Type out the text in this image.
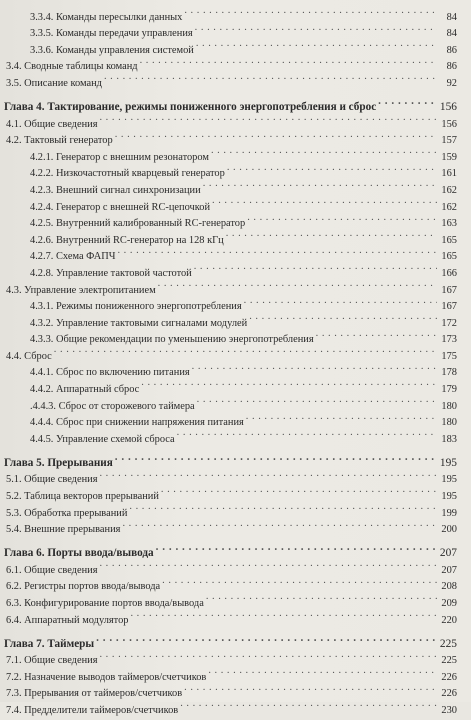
3.3.4. Команды пересылки данных . . .	84
3.3.5. Команды передачи управления . . .	84
3.3.6. Команды управления системой . . .	86
3.4. Сводные таблицы команд . . .	86
3.5. Описание команд . . .	92
Глава 4. Тактирование, режимы пониженного энергопотребления и сброс . . .	156
4.1. Общие сведения . . .	156
4.2. Тактовый генератор . . .	157
4.2.1. Генератор с внешним резонатором . . .	159
4.2.2. Низкочастотный кварцевый генератор . . .	161
4.2.3. Внешний сигнал синхронизации . . .	162
4.2.4. Генератор с внешней RC-цепочкой . . .	162
4.2.5. Внутренний калиброванный RC-генератор . . .	163
4.2.6. Внутренний RC-генератор на 128 кГц . . .	165
4.2.7. Схема ФАПЧ . . .	165
4.2.8. Управление тактовой частотой . . .	166
4.3. Управление электропитанием . . .	167
4.3.1. Режимы пониженного энергопотребления . . .	167
4.3.2. Управление тактовыми сигналами модулей . . .	172
4.3.3. Общие рекомендации по уменьшению энергопотребления . . .	173
4.4. Сброс . . .	175
4.4.1. Сброс по включению питания . . .	178
4.4.2. Аппаратный сброс . . .	179
.4.4.3. Сброс от сторожевого таймера . . .	180
4.4.4. Сброс при снижении напряжения питания . . .	180
4.4.5. Управление схемой сброса . . .	183
Глава 5. Прерывания . . .	195
5.1. Общие сведения . . .	195
5.2. Таблица векторов прерываний . . .	195
5.3. Обработка прерываний . . .	199
5.4. Внешние прерывания . . .	200
Глава 6. Порты ввода/вывода . . .	207
6.1. Общие сведения . . .	207
6.2. Регистры портов ввода/вывода . . .	208
6.3. Конфигурирование портов ввода/вывода . . .	209
6.4. Аппаратный модулятор . . .	220
Глава 7. Таймеры . . .	225
7.1. Общие сведения . . .	225
7.2. Назначение выводов таймеров/счетчиков . . .	226
7.3. Прерывания от таймеров/счетчиков . . .	226
7.4. Предделители таймеров/счетчиков . . .	230
